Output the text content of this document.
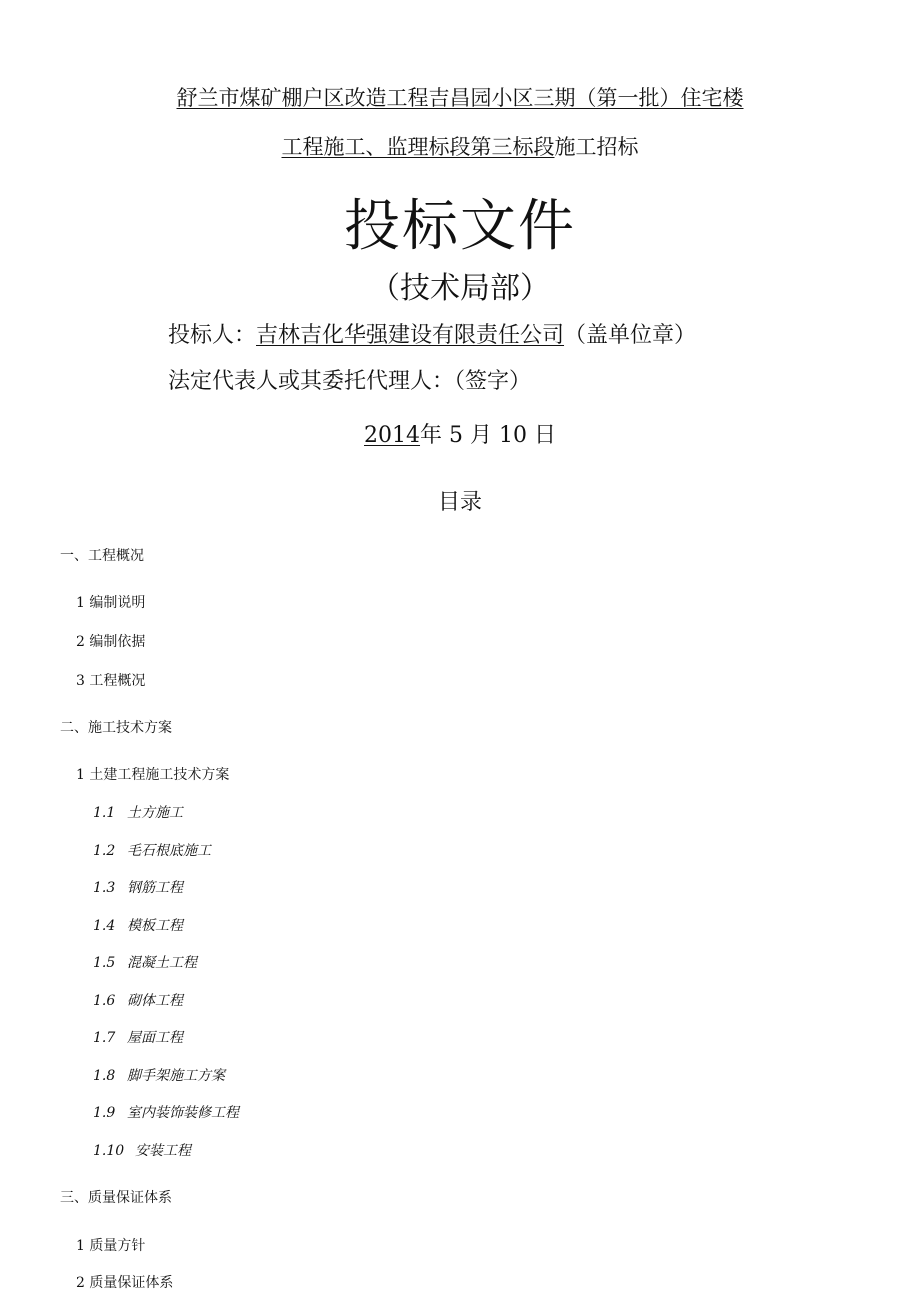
舒兰市煤矿棚户区改造工程吉昌园小区三期（第一批）住宅楼
工程施工、监理标段第三标段施工招标
投标文件
（技术局部）
投标人：吉林吉化华强建设有限责任公司（盖单位章）
法定代表人或其委托代理人：（签字）
2014年 5 月 10 日
目录
一、工程概况
1 编制说明
2 编制依据
3 工程概况
二、施工技术方案
1 土建工程施工技术方案
1.1 土方施工
1.2 毛石根底施工
1.3 钢筋工程
1.4 模板工程
1.5 混凝土工程
1.6 砌体工程
1.7 屋面工程
1.8 脚手架施工方案
1.9 室内装饰装修工程
1.10 安装工程
三、质量保证体系
1 质量方针
2 质量保证体系
